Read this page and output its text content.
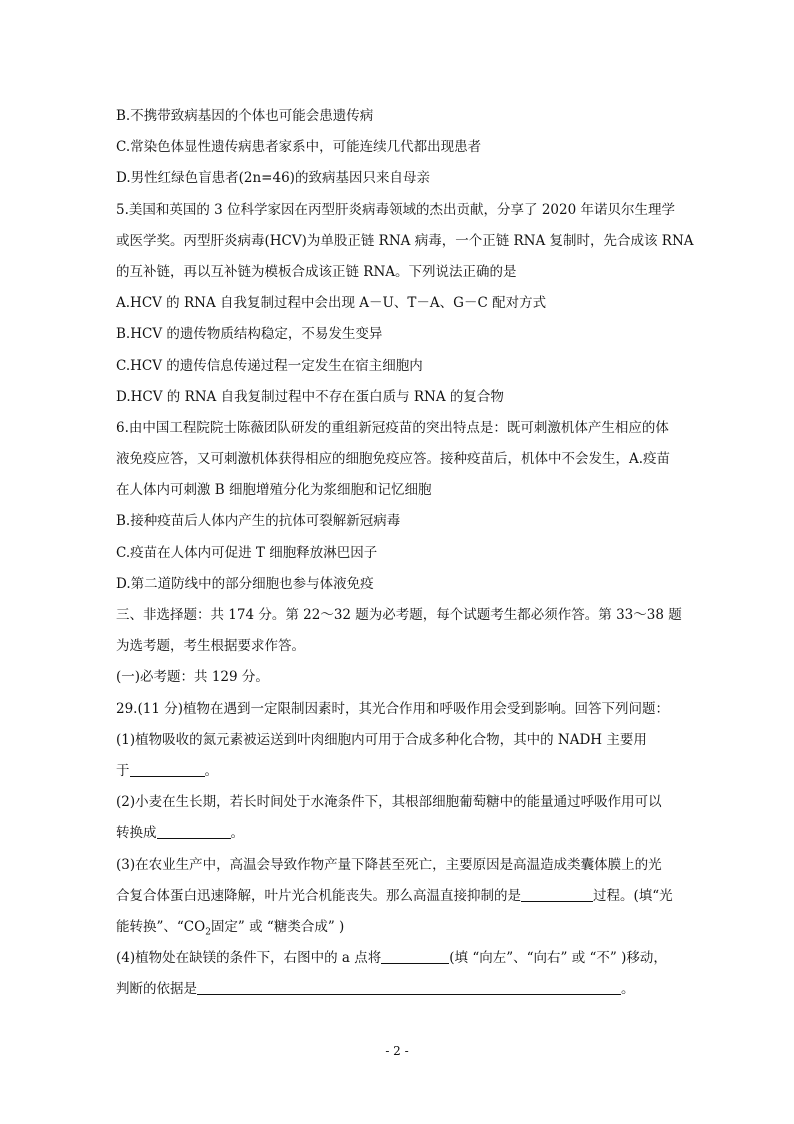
B.不携带致病基因的个体也可能会患遗传病
C.常染色体显性遗传病患者家系中，可能连续几代都出现患者
D.男性红绿色盲患者(2n=46)的致病基因只来自母亲
5.美国和英国的 3 位科学家因在丙型肝炎病毒领域的杰出贡献，分享了 2020 年诺贝尔生理学
或医学奖。丙型肝炎病毒(HCV)为单股正链 RNA 病毒，一个正链 RNA 复制时，先合成该 RNA
的互补链，再以互补链为模板合成该正链 RNA。下列说法正确的是
A.HCV 的 RNA 自我复制过程中会出现 A－U、T－A、G－C 配对方式
B.HCV 的遗传物质结构稳定，不易发生变异
C.HCV 的遗传信息传递过程一定发生在宿主细胞内
D.HCV 的 RNA 自我复制过程中不存在蛋白质与 RNA 的复合物
6.由中国工程院院士陈薇团队研发的重组新冠疫苗的突出特点是：既可刺激机体产生相应的体
液免疫应答，又可刺激机体获得相应的细胞免疫应答。接种疫苗后，机体中不会发生，A.疫苗
在人体内可刺激 B 细胞增殖分化为浆细胞和记忆细胞
B.接种疫苗后人体内产生的抗体可裂解新冠病毒
C.疫苗在人体内可促进 T 细胞释放淋巴因子
D.第二道防线中的部分细胞也参与体液免疫
三、非选择题：共 174 分。第 22～32 题为必考题，每个试题考生都必须作答。第 33～38 题
为选考题，考生根据要求作答。
(一)必考题：共 129 分。
29.(11 分)植物在遇到一定限制因素时，其光合作用和呼吸作用会受到影响。回答下列问题：
(1)植物吸收的氮元素被运送到叶肉细胞内可用于合成多种化合物，其中的 NADH 主要用
于	。
(2)小麦在生长期，若长时间处于水淹条件下，其根部细胞葡萄糖中的能量通过呼吸作用可以
转换成	。
(3)在农业生产中，高温会导致作物产量下降甚至死亡，主要原因是高温造成类囊体膜上的光
合复合体蛋白迅速降解，叶片光合机能丧失。那么高温直接抑制的是	过程。(填“光
能转换”、“$CO_2$固定” 或 “糖类合成” )
(4)植物处在缺镁的条件下，右图中的 a 点将	(填 “向左”、“向右” 或 “不” )移动，
判断的依据是	。
- 2 -
